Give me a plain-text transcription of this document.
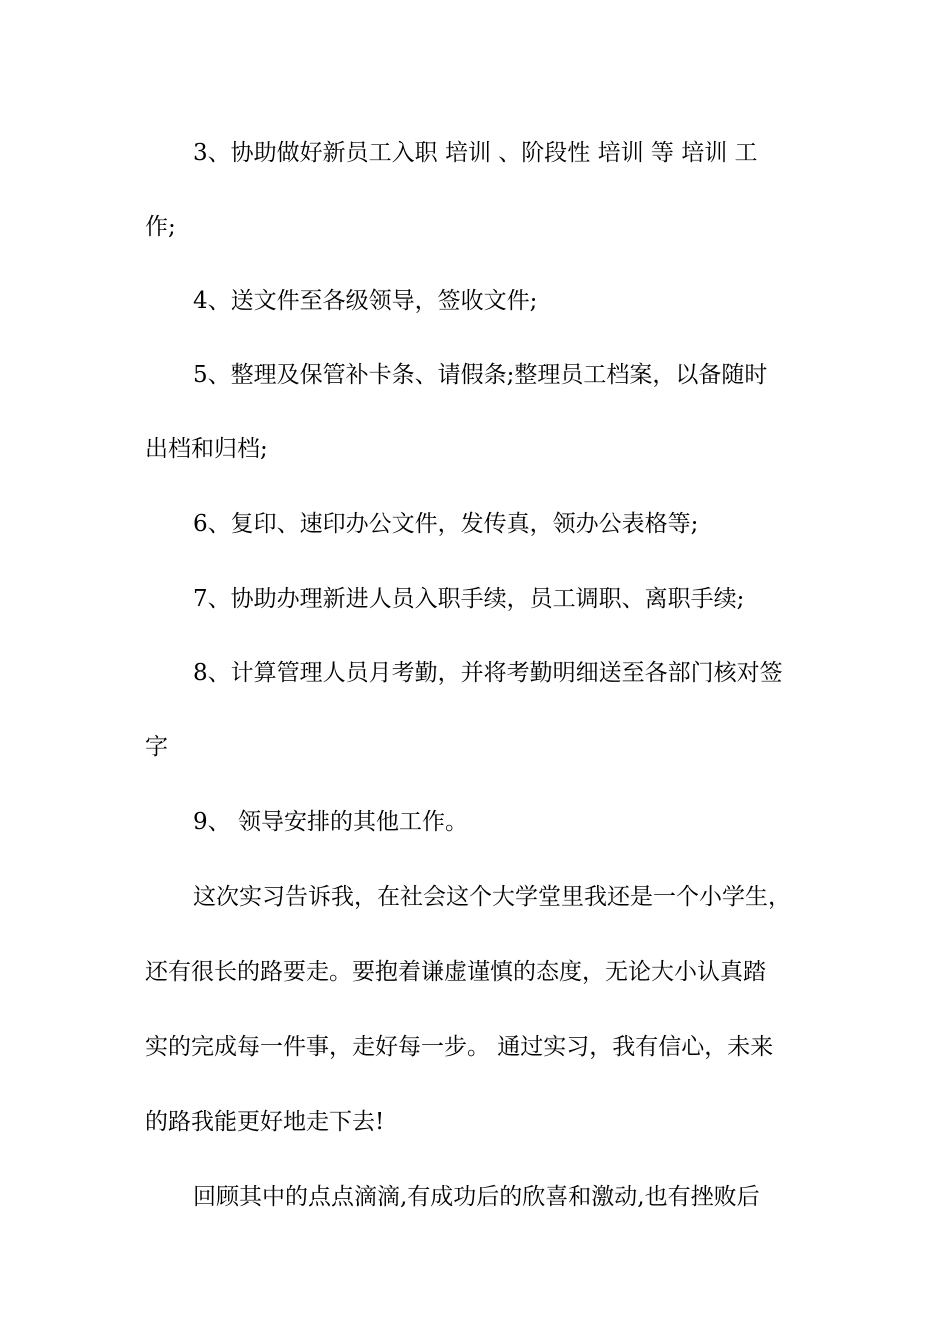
3、协助做好新员工入职 培训 、阶段性 培训 等 培训 工
作;
4、送文件至各级领导，签收文件;
5、整理及保管补卡条、请假条;整理员工档案，以备随时
出档和归档;
6、复印、速印办公文件，发传真，领办公表格等;
7、协助办理新进人员入职手续，员工调职、离职手续;
8、计算管理人员月考勤，并将考勤明细送至各部门核对签
字
9、 领导安排的其他工作。
这次实习告诉我，在社会这个大学堂里我还是一个小学生，
还有很长的路要走。要抱着谦虚谨慎的态度，无论大小认真踏
实的完成每一件事，走好每一步。 通过实习，我有信心，未来
的路我能更好地走下去!
回顾其中的点点滴滴,有成功后的欣喜和激动,也有挫败后
